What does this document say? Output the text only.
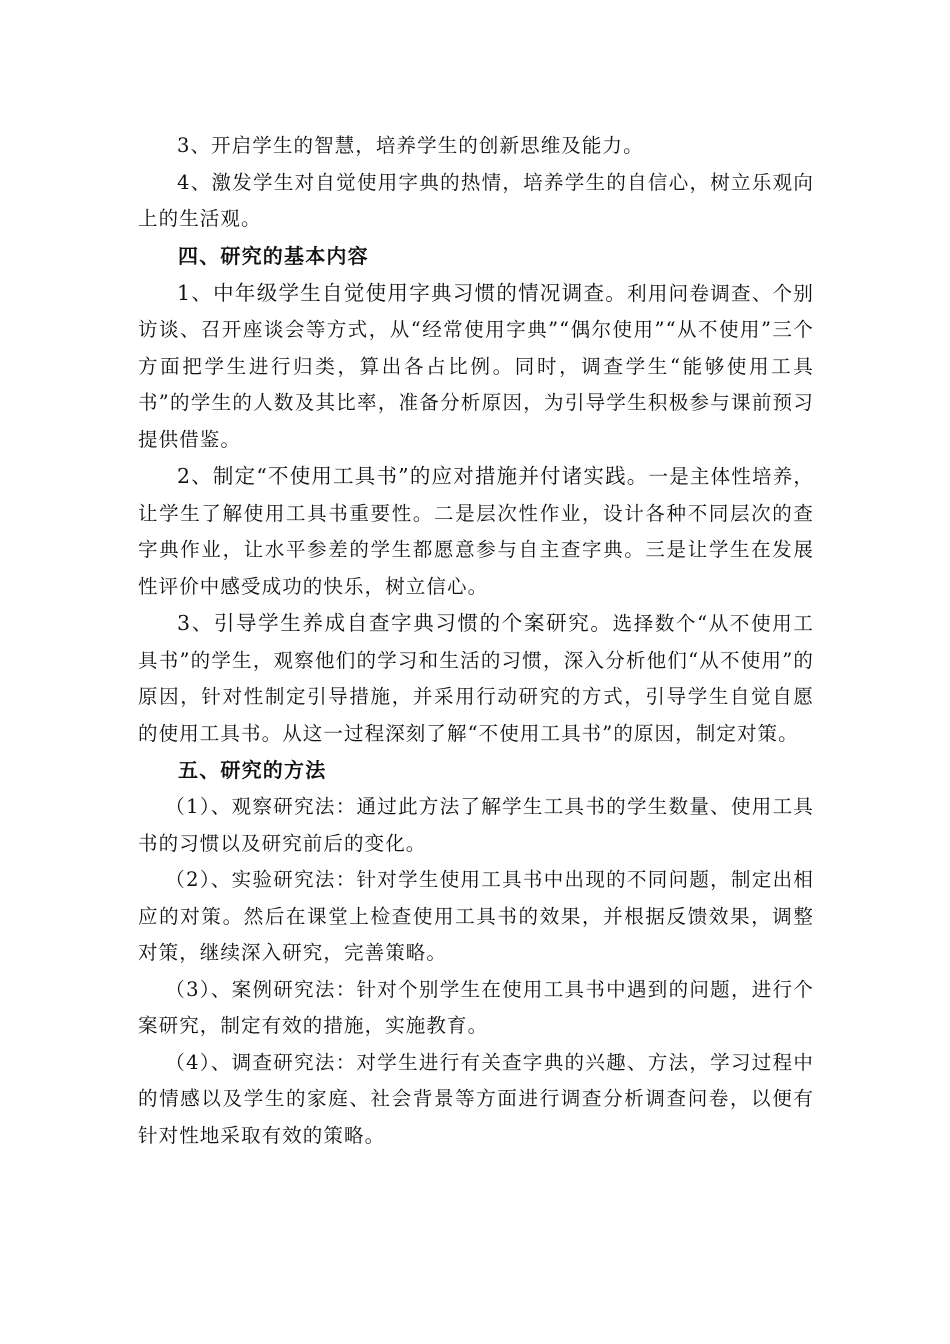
3、开启学生的智慧，培养学生的创新思维及能力。

4、激发学生对自觉使用字典的热情，培养学生的自信心，树立乐观向上的生活观。

四、研究的基本内容

1、中年级学生自觉使用字典习惯的情况调查。利用问卷调查、个别访谈、召开座谈会等方式，从“经常使用字典”“偶尔使用”“从不使用”三个方面把学生进行归类，算出各占比例。同时，调查学生“能够使用工具书”的学生的人数及其比率，准备分析原因，为引导学生积极参与课前预习提供借鉴。

2、制定“不使用工具书”的应对措施并付诸实践。一是主体性培养，让学生了解使用工具书重要性。二是层次性作业，设计各种不同层次的查字典作业，让水平参差的学生都愿意参与自主查字典。三是让学生在发展性评价中感受成功的快乐，树立信心。

3、引导学生养成自查字典习惯的个案研究。选择数个“从不使用工具书”的学生，观察他们的学习和生活的习惯，深入分析他们“从不使用”的原因，针对性制定引导措施，并采用行动研究的方式，引导学生自觉自愿的使用工具书。从这一过程深刻了解“不使用工具书”的原因，制定对策。

五、研究的方法

（1）、观察研究法：通过此方法了解学生工具书的学生数量、使用工具书的习惯以及研究前后的变化。

（2）、实验研究法：针对学生使用工具书中出现的不同问题，制定出相应的对策。然后在课堂上检查使用工具书的效果，并根据反馈效果，调整对策，继续深入研究，完善策略。

（3）、案例研究法：针对个别学生在使用工具书中遇到的问题，进行个案研究，制定有效的措施，实施教育。

（4）、调查研究法：对学生进行有关查字典的兴趣、方法，学习过程中的情感以及学生的家庭、社会背景等方面进行调查分析调查问卷，以便有针对性地采取有效的策略。
